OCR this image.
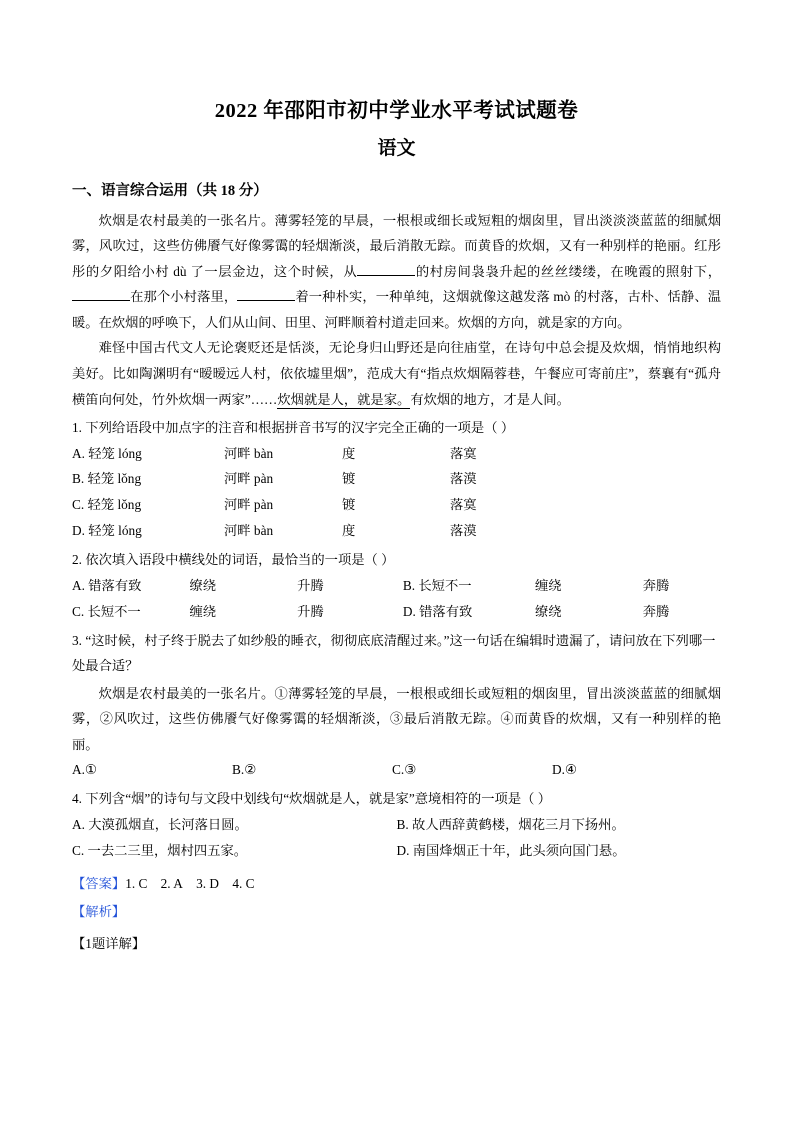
2022 年邵阳市初中学业水平考试试题卷
语文
一、语言综合运用（共 18 分）

炊烟是农村最美的一张名片。薄雾轻笼的早晨，一根根或细长或短粗的烟囱里，冒出淡淡淡蓝蓝的细腻烟雾，风吹过，这些仿佛餍气好像雾霭的轻烟渐淡，最后消散无踪。而黄昏的炊烟，又有一种别样的艳丽。红彤彤的夕阳给小村 dù 了一层金边，这个时候，从	的村房间袅袅升起的丝丝缕缕，在晚霞的照射下，在那个小村落里，	着一种朴实，一种单纯，这烟就像这越发落 mò 的村落，古朴、恬静、温暖。在炊烟的呼唤下，人们从山间、田里、河畔顺着村道走回来。炊烟的方向，就是家的方向。

难怪中国古代文人无论褒贬还是恬淡，无论身归山野还是向往庙堂，在诗句中总会提及炊烟，悄悄地织构美好。比如陶渊明有“暧暧远人村，依依墟里烟”，范成大有“指点炊烟隔蓉巷，午餐应可寄前庄”，蔡襄有“孤舟横笛向何处，竹外炊烟一两家”……炊烟就是人，就是家。有炊烟的地方，才是人间。

1. 下列给语段中加点字的注音和根据拼音书写的汉字完全正确的一项是（ ）
A. 轻笼 lóng	河畔 bàn	度	落寞
B. 轻笼 lǒng	河畔 pàn	镀	落漠
C. 轻笼 lǒng	河畔 pàn	镀	落寞
D. 轻笼 lóng	河畔 bàn	度	落漠
2. 依次填入语段中横线处的词语，最恰当的一项是（ ）
A. 错落有致	缭绕	升腾	B. 长短不一	缠绕	奔腾
C. 长短不一	缠绕	升腾	D. 错落有致	缭绕	奔腾
3. “这时候，村子终于脱去了如纱般的睡衣，彻彻底底清醒过来。”这一句话在编辑时遗漏了，请问放在下列哪一处最合适？

炊烟是农村最美的一张名片。①薄雾轻笼的早晨，一根根或细长或短粗的烟囱里，冒出淡淡蓝蓝的细腻烟雾，②风吹过，这些仿佛餍气好像雾霭的轻烟渐淡，③最后消散无踪。④而黄昏的炊烟，又有一种别样的艳丽。

A.①	B.②	C.③	D.④
4. 下列含“烟”的诗句与文段中划线句“炊烟就是人，就是家”意境相符的一项是（ ）
A. 大漠孤烟直，长河落日圆。	B. 故人西辞黄鹤楼，烟花三月下扬州。
C. 一去二三里，烟村四五家。	D. 南国烽烟正十年，此头须向国门悬。
【答案】1. C 2. A 3. D 4. C
【解析】
【1题详解】
